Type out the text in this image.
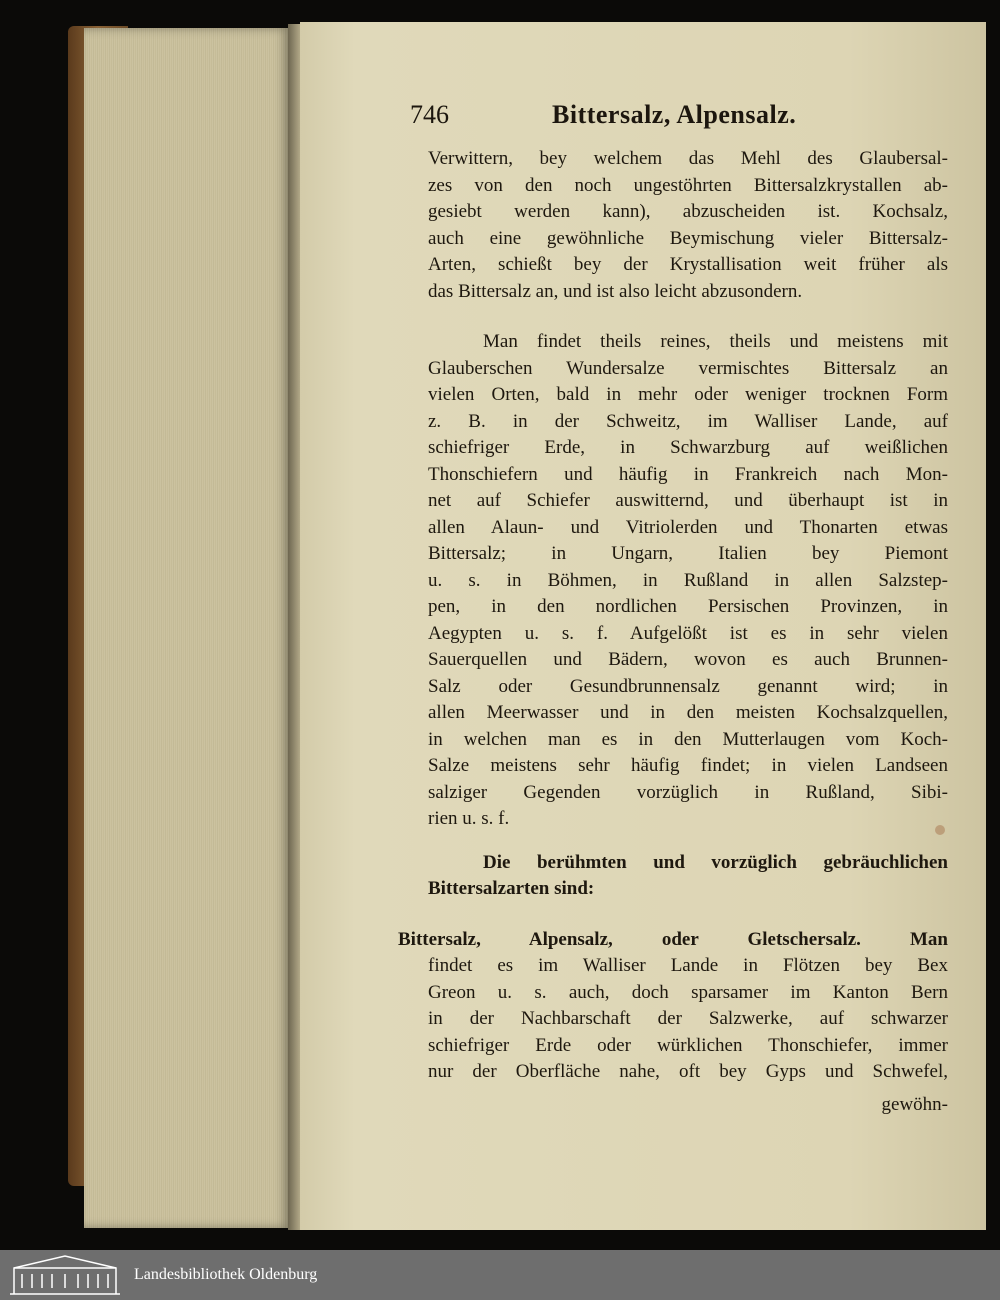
746	Bittersalz, Alpensalz.
Verwittern, bey welchem das Mehl des Glaubersal-
zes von den noch ungestöhrten Bittersalzkrystallen ab-
gesiebt werden kann), abzuscheiden ist. Kochsalz,
auch eine gewöhnliche Beymischung vieler Bittersalz-
Arten, schießt bey der Krystallisation weit früher als
das Bittersalz an, und ist also leicht abzusondern.
Man findet theils reines, theils und meistens mit
Glauberschen Wundersalze vermischtes Bittersalz an
vielen Orten, bald in mehr oder weniger trocknen Form
z. B. in der Schweitz, im Walliser Lande, auf
schiefriger Erde, in Schwarzburg auf weißlichen
Thonschiefern und häufig in Frankreich nach Mon-
net auf Schiefer auswitternd, und überhaupt ist in
allen Alaun- und Vitriolerden und Thonarten etwas
Bittersalz; in Ungarn, Italien bey Piemont
u. s. in Böhmen, in Rußland in allen Salzstep-
pen, in den nordlichen Persischen Provinzen, in
Aegypten u. s. f. Aufgelößt ist es in sehr vielen
Sauerquellen und Bädern, wovon es auch Brunnen-
Salz oder Gesundbrunnensalz genannt wird; in
allen Meerwasser und in den meisten Kochsalzquellen,
in welchen man es in den Mutterlaugen vom Koch-
Salze meistens sehr häufig findet; in vielen Landseen
salziger Gegenden vorzüglich in Rußland, Sibi-
rien u. s. f.
Die berühmten und vorzüglich gebräuchlichen
Bittersalzarten sind:
Bittersalz, Alpensalz, oder Gletschersalz. Man
findet es im Walliser Lande in Flötzen bey Bex
Greon u. s. auch, doch sparsamer im Kanton Bern
in der Nachbarschaft der Salzwerke, auf schwarzer
schiefriger Erde oder würklichen Thonschiefer, immer
nur der Oberfläche nahe, oft bey Gyps und Schwefel,
gewöhn-
Landesbibliothek Oldenburg
